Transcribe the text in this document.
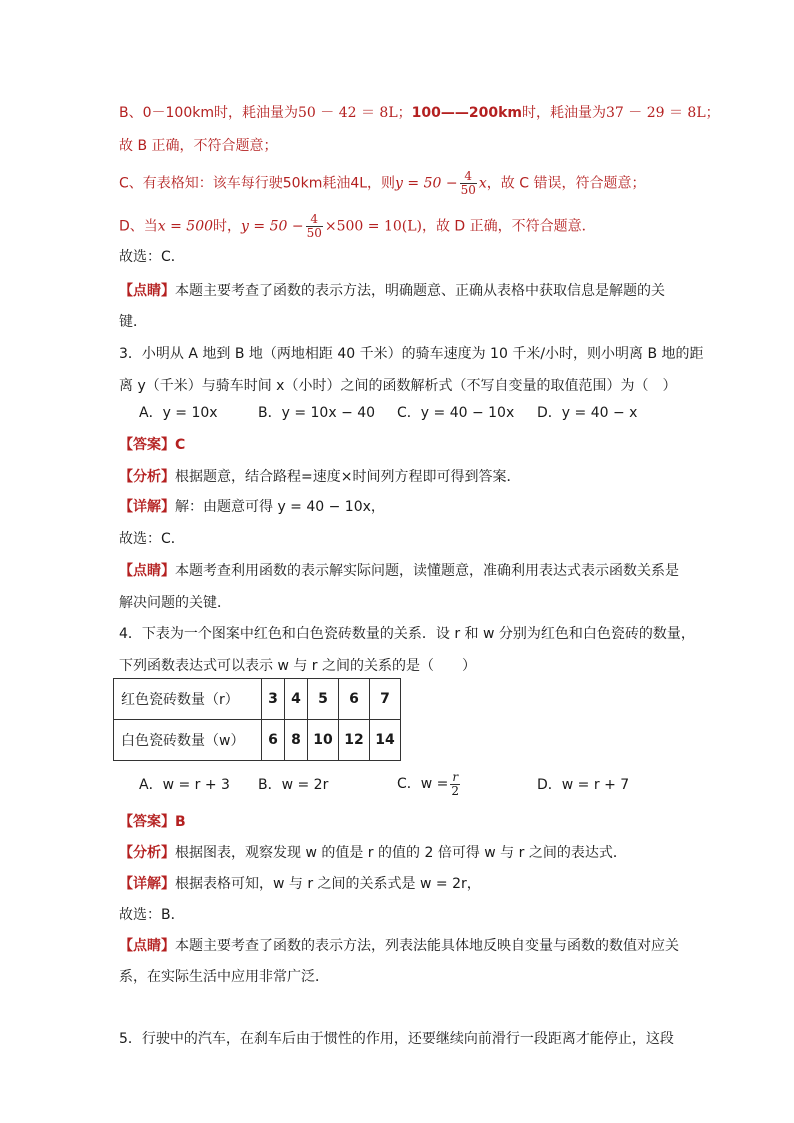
B、0－100km时，耗油量为50 － 42 ＝ 8L；100——200km时，耗油量为37 － 29 ＝ 8L；
故 B 正确，不符合题意；
C、有表格知：该车每行驶50km耗油4L，则$y = 50 - \frac{4}{50}$ x，故 C 错误，符合题意；
D、当x = 500时，$y = 50 - \frac{4}{50} \times 500 = 10(L)$，故 D 正确，不符合题意．
故选：C．
【点睛】本题主要考查了函数的表示方法，明确题意、正确从表格中获取信息是解题的关
键．
3．小明从 A 地到 B 地（两地相距 40 千米）的骑车速度为 10 千米/小时，则小明离 B 地的距
离 y（千米）与骑车时间 x（小时）之间的函数解析式（不写自变量的取值范围）为（　）
A．y = 10x	B．y = 10x − 40 C．y = 40 − 10x D．y = 40 − x
【答案】C
【分析】根据题意，结合路程=速度×时间列方程即可得到答案．
【详解】解：由题意可得 y = 40 − 10x，
故选：C．
【点睛】本题考查利用函数的表示解实际问题，读懂题意，准确利用表达式表示函数关系是
解决问题的关键．
4．下表为一个图案中红色和白色瓷砖数量的关系．设 r 和 w 分别为红色和白色瓷砖的数量，
下列函数表达式可以表示 w 与 r 之间的关系的是（　　）
红色瓷砖数量（r）	3	4	5	6	7
白色瓷砖数量（w）	6	8	10	12	14
A．w = r + 3 B．w = 2r	C．$w = \frac{r}{2}$	D．w = r + 7
【答案】B
【分析】根据图表，观察发现 w 的值是 r 的值的 2 倍可得 w 与 r 之间的表达式．
【详解】根据表格可知，w 与 r 之间的关系式是 w = 2r，
故选：B．
【点睛】本题主要考查了函数的表示方法，列表法能具体地反映自变量与函数的数值对应关
系，在实际生活中应用非常广泛．
5．行驶中的汽车，在刹车后由于惯性的作用，还要继续向前滑行一段距离才能停止，这段
